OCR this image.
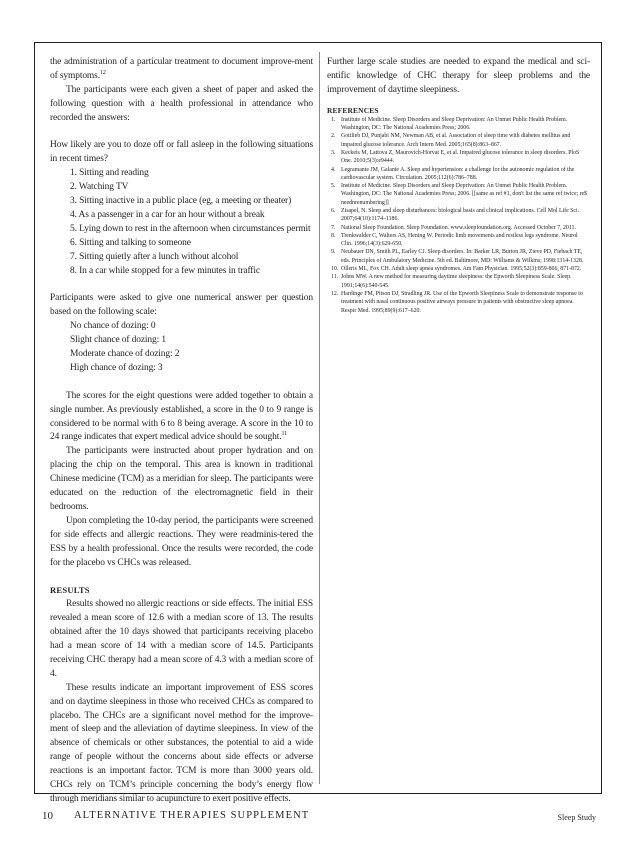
the administration of a particular treatment to document improve-ment of symptoms.$^{12}$

The participants were each given a sheet of paper and asked the following question with a health professional in attendance who recorded the answers:

How likely are you to doze off or fall asleep in the following situations in recent times?

1. Sitting and reading
2. Watching TV
3. Sitting inactive in a public place (eg, a meeting or theater)
4. As a passenger in a car for an hour without a break
5. Lying down to rest in the afternoon when circumstances permit
6. Sitting and talking to someone
7. Sitting quietly after a lunch without alcohol
8. In a car while stopped for a few minutes in traffic

Participants were asked to give one numerical answer per question based on the following scale:

No chance of dozing: 0
Slight chance of dozing: 1
Moderate chance of dozing: 2
High chance of dozing: 3

The scores for the eight questions were added together to obtain a single number. As previously established, a score in the 0 to 9 range is considered to be normal with 6 to 8 being average. A score in the 10 to 24 range indicates that expert medical advice should be sought.$^{11}$

The participants were instructed about proper hydration and on placing the chip on the temporal. This area is known in traditional Chinese medicine (TCM) as a meridian for sleep. The participants were educated on the reduction of the electromagnetic field in their bedrooms.

Upon completing the 10-day period, the participants were screened for side effects and allergic reactions. They were readminis-tered the ESS by a health professional. Once the results were recorded, the code for the placebo vs CHCs was released.

RESULTS

Results showed no allergic reactions or side effects. The initial ESS revealed a mean score of 12.6 with a median score of 13. The results obtained after the 10 days showed that participants receiving placebo had a mean score of 14 with a median score of 14.5. Participants receiving CHC therapy had a mean score of 4.3 with a median score of 4.

These results indicate an important improvement of ESS scores and on daytime sleepiness in those who received CHCs as compared to placebo. The CHCs are a significant novel method for the improve-ment of sleep and the alleviation of daytime sleepiness. In view of the absence of chemicals or other substances, the potential to aid a wide range of people without the concerns about side effects or adverse reactions is an important factor. TCM is more than 3000 years old. CHCs rely on TCM’s principle concerning the body’s energy flow through meridians similar to acupuncture to exert positive effects.

Further large scale studies are needed to expand the medical and sci-entific knowledge of CHC therapy for sleep problems and the improvement of daytime sleepiness.

REFERENCES
1. Institute of Medicine. Sleep Disorders and Sleep Deprivation: An Unmet Public Health Problem. Washington, DC: The National Academies Press; 2006.
2. Gottlieb DJ, Punjabi NM, Newman AB, et al. Association of sleep time with diabetes mellitus and impaired glucose tolerance. Arch Intern Med. 2005;165(8):863–867.
3. Keckeis M, Lattova Z, Maurovich-Horvat E, et al. Impaired glucose tolerance in sleep disorders. PloS One. 2010;5(3):e9444.
4. Legramante JM, Galante A. Sleep and hypertension: a challenge for the autonomic regulation of the cardiovascular system. Circulation. 2005;112(6):786–788.
5. Institute of Medicine. Sleep Disorders and Sleep Deprivation: An Unmet Public Health Problem. Washington, DC: The National Academies Press; 2006. [[same as ref #1, don't list the same ref twice; re$ neednrenumbering]]
6. Zisapel, N. Sleep and sleep disturbances: biological basis and clinical implications. Cell Mol Life Sci. 2007;64(10):1174–1186.
7. National Sleep Foundation. Sleep Foundation. www.sleepfoundation.org. Accessed October 7, 2011.
8. Trenkwalder C, Walters AS, Hening W. Periodic limb movements and restless legs syndrome. Neurol Clin. 1996;14(3):629-650.
9. Neubauer DN, Smith PL, Earley CJ. Sleep disorders. In: Barker LR, Burton JR, Zieve PD, Fiebach TE, eds. Principles of Ambulatory Medicine. 5th ed. Baltimore, MD: Williams & Wilkins; 1998:1314-1328.
10. Olleris ML, Fox CH. Adult sleep apnea syndromes. Am Fam Physician. 1995;52(3):859-866, 871-872.
11. Johns MW. A new method for measuring daytime sleepiness: the Epworth Sleepiness Scale. Sleep. 1991;14(6):540-545.
12. Hardinge FM, Pitson DJ, Stradling JR. Use of the Epworth Sleepiness Scale to demonstrate response to treatment with nasal continuous positive airways pressure in patients with obstructive sleep apnoea. Respir Med. 1995;89(9):617–620.
10 ALTERNATIVE THERAPIES SUPPLEMENT	Sleep Study
